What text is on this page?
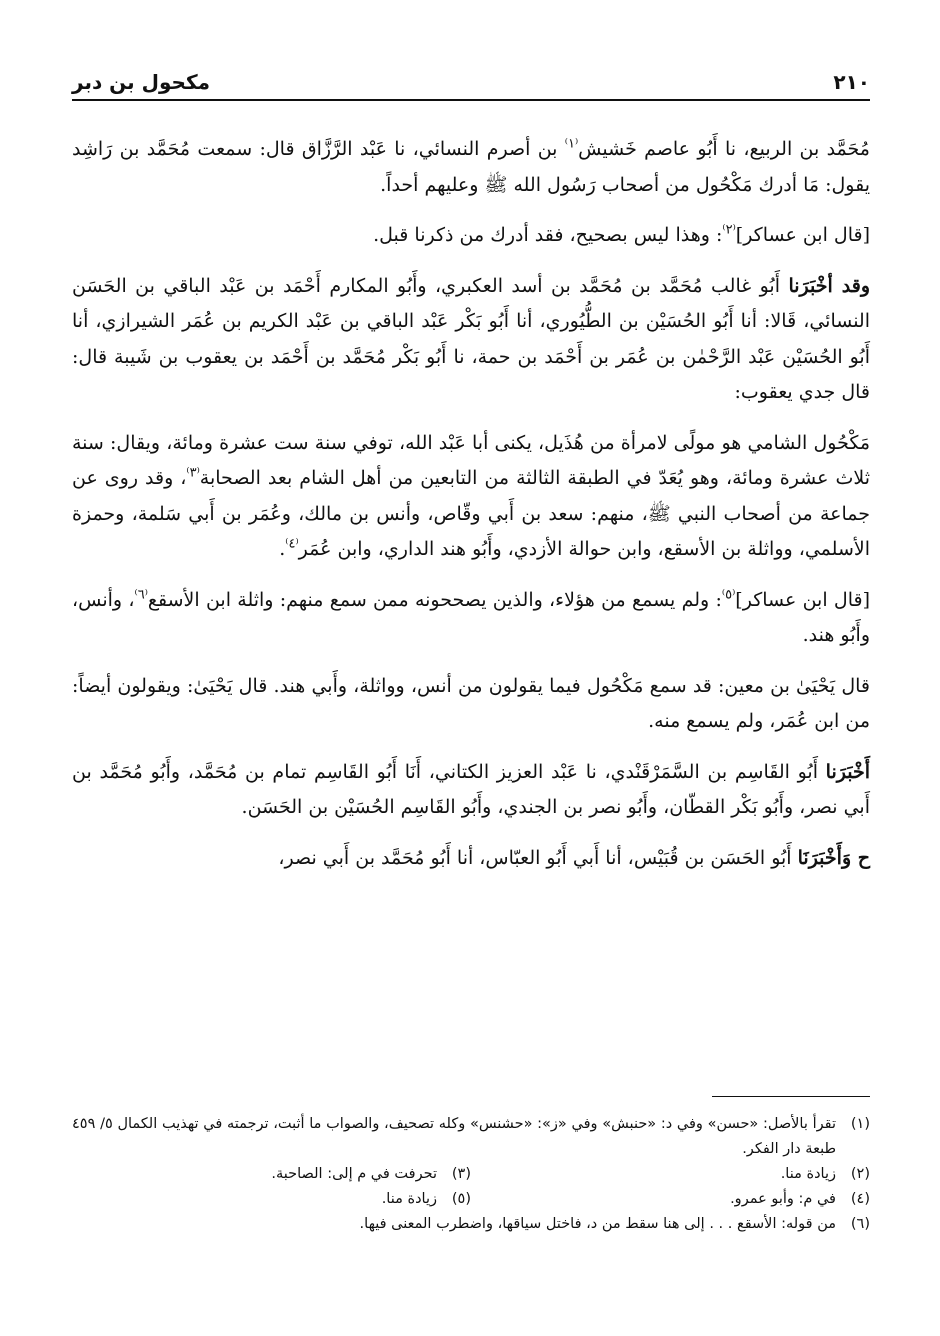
٢١٠
مكحول بن دبر

مُحَمَّد بن الربيع، نا أَبُو عاصم خَشيش$^{^(١^)}$ بن أصرم النسائي، نا عَبْد الرَّزَّاق قال: سمعت مُحَمَّد بن رَاشِد يقول: مَا أدرك مَكْحُول من أصحاب رَسُول الله ﷺ وعليهم أحداً.

[قال ابن عساكر]$^{^(٢^)}$: وهذا ليس بصحيح، فقد أدرك من ذكرنا قبل.

وقد أخْبَرَنا أَبُو غالب مُحَمَّد بن مُحَمَّد بن أسد العكبري، وأَبُو المكارم أَحْمَد بن عَبْد الباقي بن الحَسَن النسائي، قَالا: أنا أَبُو الحُسَيْن بن الطُّيُوري، أنا أَبُو بَكْر عَبْد الباقي بن عَبْد الكريم بن عُمَر الشيرازي، أنا أَبُو الحُسَيْن عَبْد الرَّحْمٰن بن عُمَر بن أَحْمَد بن حمة، نا أَبُو بَكْر مُحَمَّد بن أَحْمَد بن يعقوب بن شَيبة قال: قال جدي يعقوب:

مَكْحُول الشامي هو مولًى لامرأة من هُذَيل، يكنى أبا عَبْد الله، توفي سنة ست عشرة ومائة، ويقال: سنة ثلاث عشرة ومائة، وهو يُعَدّ في الطبقة الثالثة من التابعين من أهل الشام بعد الصحابة$^{^(٣^)}$، وقد روى عن جماعة من أصحاب النبي ﷺ، منهم: سعد بن أَبي وقّاص، وأنس بن مالك، وعُمَر بن أَبي سَلمة، وحمزة الأسلمي، وواثلة بن الأسقع، وابن حوالة الأزدي، وأَبُو هند الداري، وابن عُمَر$^{^(٤^)}$.

[قال ابن عساكر]$^{^(٥^)}$: ولم يسمع من هؤلاء، والذين يصححونه ممن سمع منهم: واثلة ابن الأسقع$^{^(٦^)}$، وأنس، وأَبُو هند.

قال يَحْيَىٰ بن معين: قد سمع مَكْحُول فيما يقولون من أنس، وواثلة، وأَبي هند. قال يَحْيَىٰ: ويقولون أيضاً: من ابن عُمَر، ولم يسمع منه.

أَخْبَرَنا أَبُو القَاسِم بن السَّمَرْقَنْدي، نا عَبْد العزيز الكتاني، أَنَا أَبُو القَاسِم تمام بن مُحَمَّد، وأَبُو مُحَمَّد بن أَبي نصر، وأَبُو بَكْر القطّان، وأَبُو نصر بن الجندي، وأَبُو القَاسِم الحُسَيْن بن الحَسَن.

ح وَأَخْبَرَنَا أَبُو الحَسَن بن قُبَيْس، أنا أَبي أَبُو العبّاس، أنا أَبُو مُحَمَّد بن أَبي نصر،

(١)
تقرأ بالأصل: «حسن» وفي د: «حنبش» وفي «ز»: «حشنس» وكله تصحيف، والصواب ما أثبت، ترجمته في تهذيب الكمال ٥/ ٤٥٩ طبعة دار الفكر.
(٢)
زيادة منا.
(٣)
تحرفت في م إلى: الصاحبة.
(٤)
في م: وأبو عمرو.
(٥)
زيادة منا.
(٦)
من قوله: الأسقع . . . إلى هنا سقط من د، فاختل سياقها، واضطرب المعنى فيها.
